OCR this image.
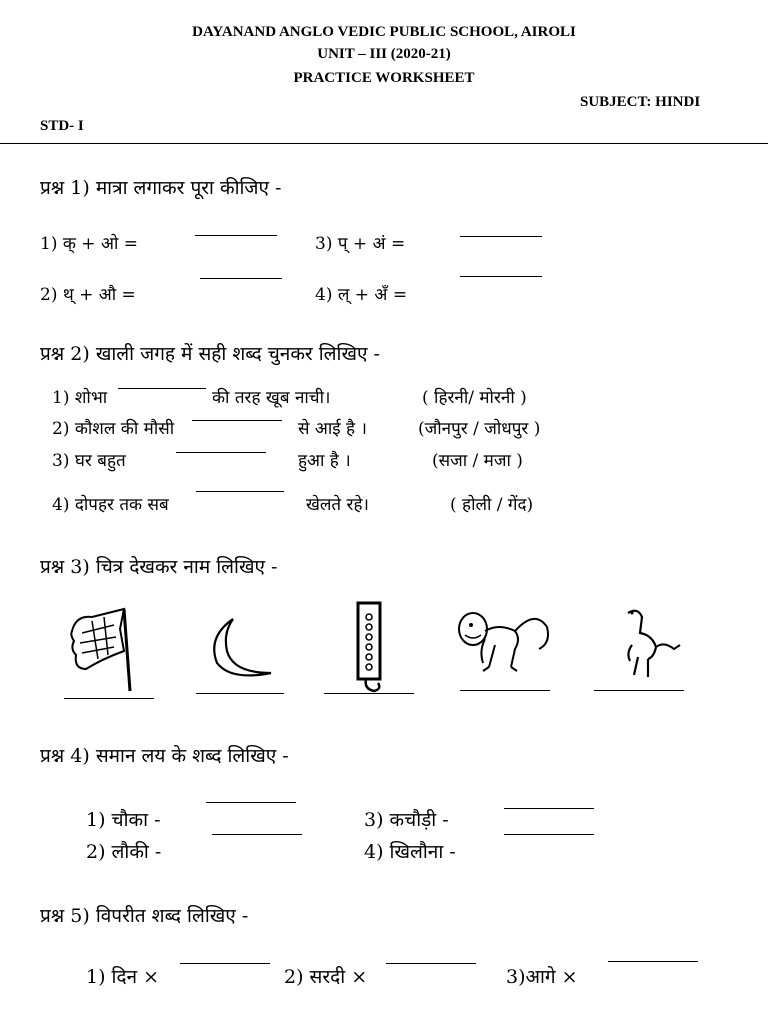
DAYANAND ANGLO VEDIC PUBLIC SCHOOL, AIROLI
UNIT – III (2020-21)
PRACTICE WORKSHEET
SUBJECT: HINDI
STD- I
प्रश्न 1) मात्रा लगाकर पूरा कीजिए -
1) क् + ओ =	3) प् + अं =
2) थ् + औ =	4) ल् + अँ =
प्रश्न 2) खाली जगह में सही शब्द चुनकर लिखिए -
1) शोभा	की तरह खूब नाची।	( हिरनी/ मोरनी )
2) कौशल की मौसी	से आई है ।	(जौनपुर / जोधपुर )
3) घर बहुत	हुआ है ।	(सजा / मजा )
4) दोपहर तक सब	खेलते रहे।	( होली / गेंद)
प्रश्न 3) चित्र देखकर नाम लिखिए -
प्रश्न 4) समान लय के शब्द लिखिए -
1) चौका -	3) कचौड़ी -
2) लौकी -	4) खिलौना -
प्रश्न 5) विपरीत शब्द लिखिए -
1) दिन ×	2) सरदी ×	3)आगे ×
